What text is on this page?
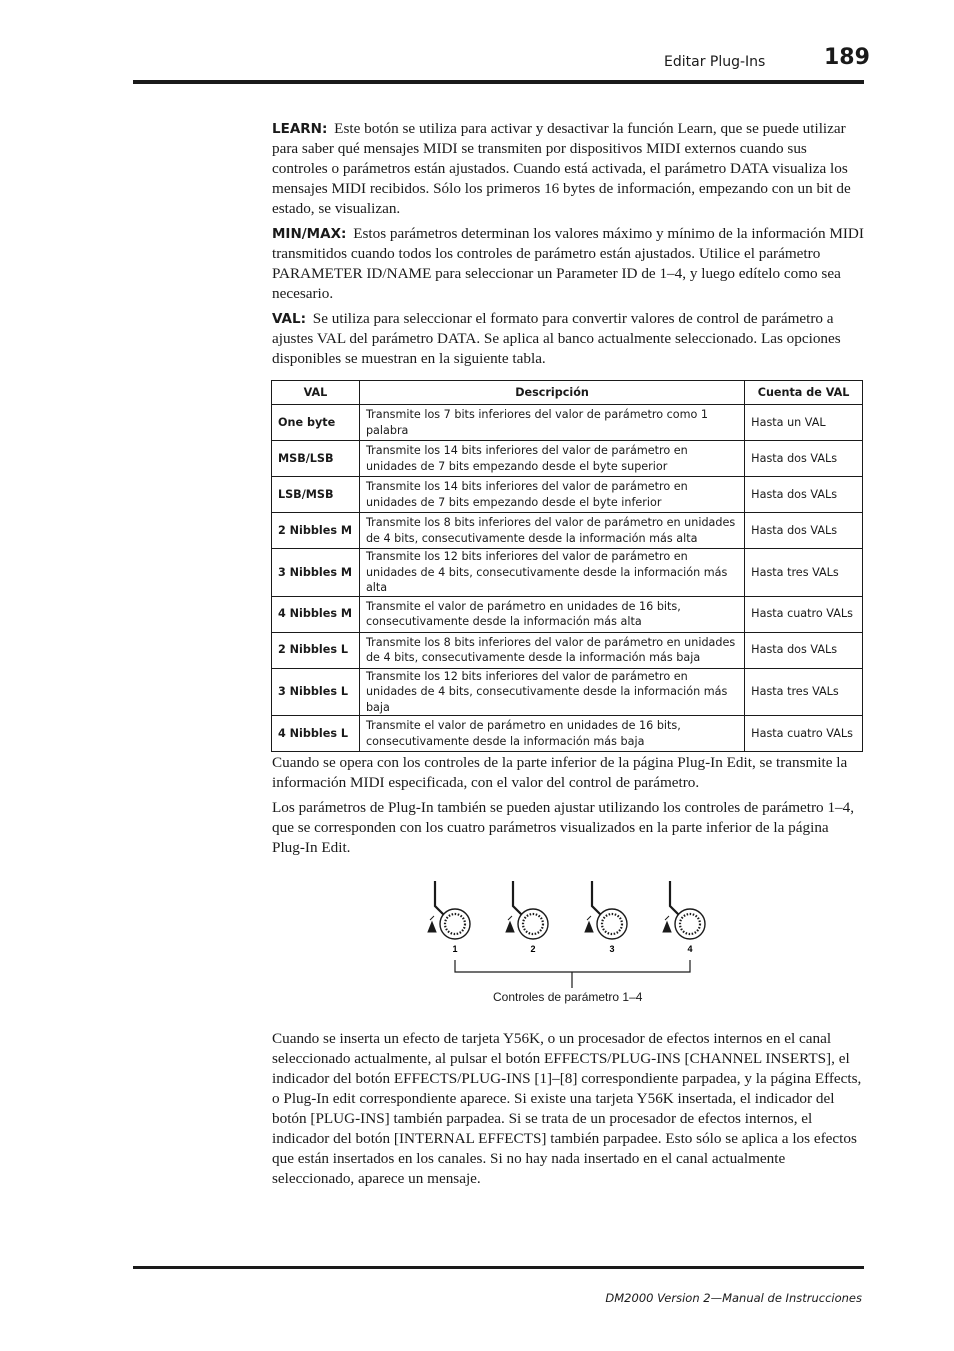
Editar Plug-Ins	189

LEARN: Este botón se utiliza para activar y desactivar la función Learn, que se puede utilizar para saber qué mensajes MIDI se transmiten por dispositivos MIDI externos cuando sus controles o parámetros están ajustados. Cuando está activada, el parámetro DATA visualiza los mensajes MIDI recibidos. Sólo los primeros 16 bytes de información, empezando con un bit de estado, se visualizan.

MIN/MAX: Estos parámetros determinan los valores máximo y mínimo de la información MIDI transmitidos cuando todos los controles de parámetro están ajustados. Utilice el parámetro PARAMETER ID/NAME para seleccionar un Parameter ID de 1–4, y luego edítelo como sea necesario.

VAL: Se utiliza para seleccionar el formato para convertir valores de control de parámetro a ajustes VAL del parámetro DATA. Se aplica al banco actualmente seleccionado. Las opciones disponibles se muestran en la siguiente tabla.

VAL	Descripción	Cuenta de VAL
One byte	Transmite los 7 bits inferiores del valor de parámetro como 1 palabra	Hasta un VAL
MSB/LSB	Transmite los 14 bits inferiores del valor de parámetro en unidades de 7 bits empezando desde el byte superior	Hasta dos VALs
LSB/MSB	Transmite los 14 bits inferiores del valor de parámetro en unidades de 7 bits empezando desde el byte inferior	Hasta dos VALs
2 Nibbles M	Transmite los 8 bits inferiores del valor de parámetro en unidades de 4 bits, consecutivamente desde la información más alta	Hasta dos VALs
3 Nibbles M	Transmite los 12 bits inferiores del valor de parámetro en unidades de 4 bits, consecutivamente desde la información más alta	Hasta tres VALs
4 Nibbles M	Transmite el valor de parámetro en unidades de 16 bits, consecutivamente desde la información más alta	Hasta cuatro VALs
2 Nibbles L	Transmite los 8 bits inferiores del valor de parámetro en unidades de 4 bits, consecutivamente desde la información más baja	Hasta dos VALs
3 Nibbles L	Transmite los 12 bits inferiores del valor de parámetro en unidades de 4 bits, consecutivamente desde la información más baja	Hasta tres VALs
4 Nibbles L	Transmite el valor de parámetro en unidades de 16 bits, consecutivamente desde la información más baja	Hasta cuatro VALs

Cuando se opera con los controles de la parte inferior de la página Plug-In Edit, se transmite la información MIDI especificada, con el valor del control de parámetro.

Los parámetros de Plug-In también se pueden ajustar utilizando los controles de parámetro 1–4, que se corresponden con los cuatro parámetros visualizados en la parte inferior de la página Plug-In Edit.

1	2	3	4
Controles de parámetro 1–4

Cuando se inserta un efecto de tarjeta Y56K, o un procesador de efectos internos en el canal seleccionado actualmente, al pulsar el botón EFFECTS/PLUG-INS [CHANNEL INSERTS], el indicador del botón EFFECTS/PLUG-INS [1]–[8] correspondiente parpadea, y la página Effects, o Plug-In edit correspondiente aparece. Si existe una tarjeta Y56K insertada, el indicador del botón [PLUG-INS] también parpadea. Si se trata de un procesador de efectos internos, el indicador del botón [INTERNAL EFFECTS] también parpadee. Esto sólo se aplica a los efectos que están insertados en los canales. Si no hay nada insertado en el canal actualmente seleccionado, aparece un mensaje.

DM2000 Version 2—Manual de Instrucciones
